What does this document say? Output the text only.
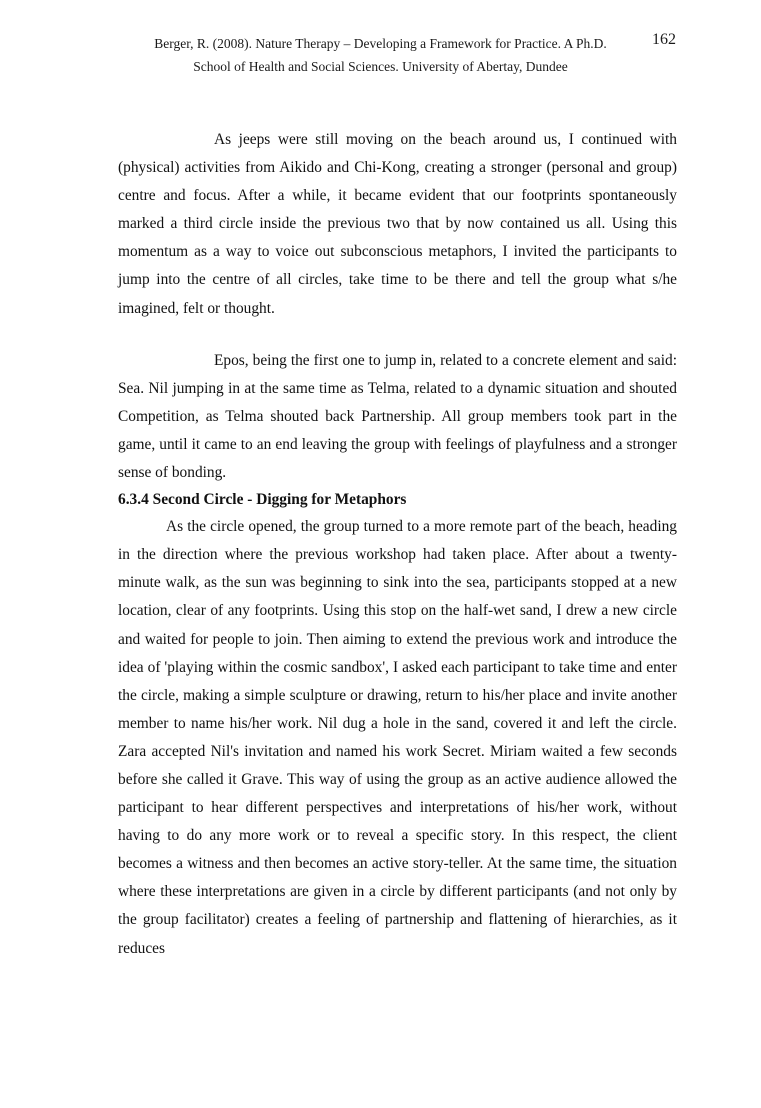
Berger, R. (2008). Nature Therapy – Developing a Framework for Practice. A Ph.D.
School of Health and Social Sciences. University of Abertay, Dundee
162

As jeeps were still moving on the beach around us, I continued with (physical) activities from Aikido and Chi-Kong, creating a stronger (personal and group) centre and focus. After a while, it became evident that our footprints spontaneously marked a third circle inside the previous two that by now contained us all. Using this momentum as a way to voice out subconscious metaphors, I invited the participants to jump into the centre of all circles, take time to be there and tell the group what s/he imagined, felt or thought.

Epos, being the first one to jump in, related to a concrete element and said: Sea. Nil jumping in at the same time as Telma, related to a dynamic situation and shouted Competition, as Telma shouted back Partnership. All group members took part in the game, until it came to an end leaving the group with feelings of playfulness and a stronger sense of bonding.

6.3.4 Second Circle - Digging for Metaphors

As the circle opened, the group turned to a more remote part of the beach, heading in the direction where the previous workshop had taken place. After about a twenty-minute walk, as the sun was beginning to sink into the sea, participants stopped at a new location, clear of any footprints. Using this stop on the half-wet sand, I drew a new circle and waited for people to join. Then aiming to extend the previous work and introduce the idea of 'playing within the cosmic sandbox', I asked each participant to take time and enter the circle, making a simple sculpture or drawing, return to his/her place and invite another member to name his/her work. Nil dug a hole in the sand, covered it and left the circle. Zara accepted Nil's invitation and named his work Secret. Miriam waited a few seconds before she called it Grave. This way of using the group as an active audience allowed the participant to hear different perspectives and interpretations of his/her work, without having to do any more work or to reveal a specific story. In this respect, the client becomes a witness and then becomes an active story-teller. At the same time, the situation where these interpretations are given in a circle by different participants (and not only by the group facilitator) creates a feeling of partnership and flattening of hierarchies, as it reduces
